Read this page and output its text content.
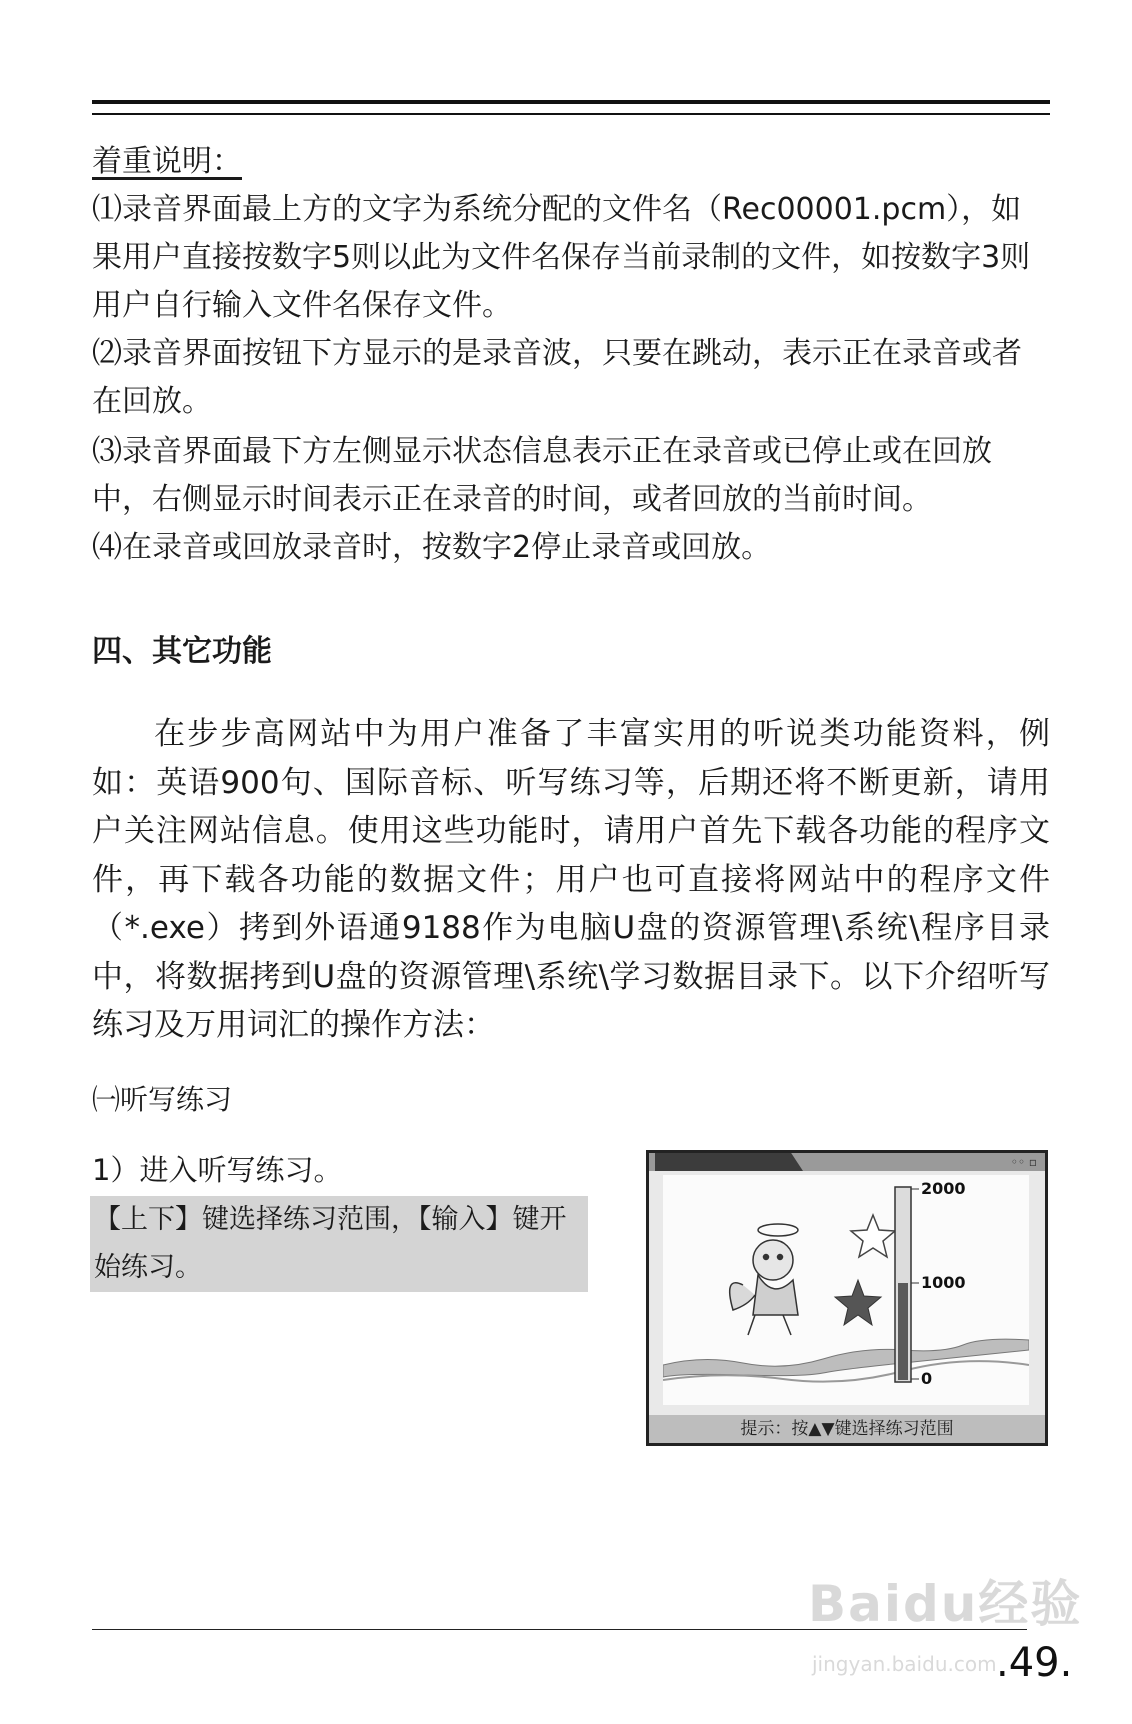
着重说明：

⑴录音界面最上方的文字为系统分配的文件名（Rec00001.pcm），如果用户直接按数字5则以此为文件名保存当前录制的文件，如按数字3则用户自行输入文件名保存文件。

⑵录音界面按钮下方显示的是录音波，只要在跳动，表示正在录音或者在回放。

⑶录音界面最下方左侧显示状态信息表示正在录音或已停止或在回放中，右侧显示时间表示正在录音的时间，或者回放的当前时间。

⑷在录音或回放录音时，按数字2停止录音或回放。

四、其它功能

在步步高网站中为用户准备了丰富实用的听说类功能资料，例如：英语900句、国际音标、听写练习等，后期还将不断更新，请用户关注网站信息。使用这些功能时，请用户首先下载各功能的程序文件，再下载各功能的数据文件；用户也可直接将网站中的程序文件（*.exe）拷到外语通9188作为电脑U盘的资源管理\系统\程序目录中，将数据拷到U盘的资源管理\系统\学习数据目录下。以下介绍听写练习及万用词汇的操作方法：

㈠听写练习
1）进入听写练习。
【上下】键选择练习范围，【输入】键开始练习。
◦◦ ▫
2000
1000
0
提示：按▲▼键选择练习范围
Baidu经验
jingyan.baidu.com .49.
